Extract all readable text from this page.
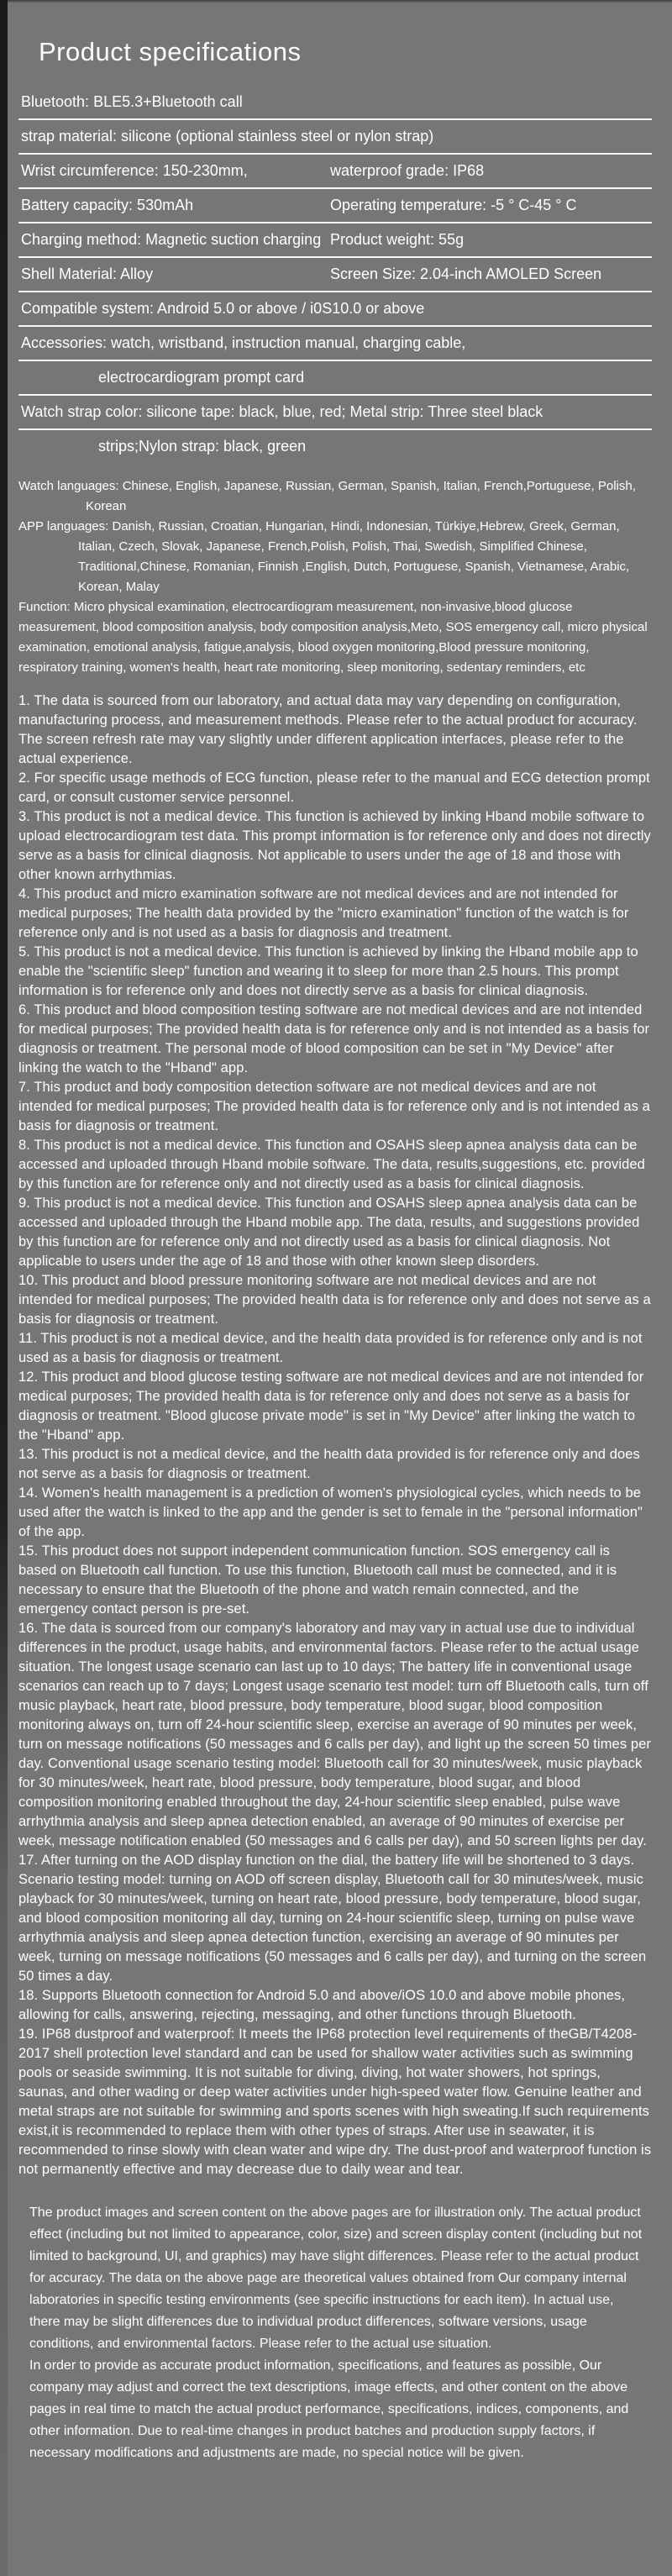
Product specifications
Bluetooth: BLE5.3+Bluetooth call
strap material: silicone (optional stainless steel or nylon strap)
Wrist circumference: 150-230mm,	waterproof grade: IP68
Battery capacity: 530mAh	Operating temperature: -5 ° C-45 ° C
Charging method: Magnetic suction charging Product weight: 55g
Shell Material: Alloy	Screen Size: 2.04-inch AMOLED Screen
Compatible system: Android 5.0 or above / i0S10.0 or above
Accessories: watch, wristband, instruction manual, charging cable,
electrocardiogram prompt card
Watch strap color: silicone tape: black, blue, red; Metal strip: Three steel black
strips;Nylon strap: black, green

Watch languages: Chinese, English, Japanese, Russian, German, Spanish, Italian, French,Portuguese, Polish, Korean

APP languages: Danish, Russian, Croatian, Hungarian, Hindi, Indonesian, Türkiye,Hebrew, Greek, German, Italian, Czech, Slovak, Japanese, French,Polish, Polish, Thai, Swedish, Simplified Chinese, Traditional,Chinese, Romanian, Finnish ,English, Dutch, Portuguese, Spanish, Vietnamese, Arabic, Korean, Malay

Function: Micro physical examination, electrocardiogram measurement, non-invasive,blood glucose measurement, blood composition analysis, body composition analysis,Meto, SOS emergency call, micro physical examination, emotional analysis, fatigue,analysis, blood oxygen monitoring,Blood pressure monitoring, respiratory training, women's health, heart rate monitoring, sleep monitoring, sedentary reminders, etc

1. The data is sourced from our laboratory, and actual data may vary depending on configuration, manufacturing process, and measurement methods. Please refer to the actual product for accuracy. The screen refresh rate may vary slightly under different application interfaces, please refer to the actual experience.

2. For specific usage methods of ECG function, please refer to the manual and ECG detection prompt card, or consult customer service personnel.

3. This product is not a medical device. This function is achieved by linking Hband mobile software to upload electrocardiogram test data. This prompt information is for reference only and does not directly serve as a basis for clinical diagnosis. Not applicable to users under the age of 18 and those with other known arrhythmias.

4. This product and micro examination software are not medical devices and are not intended for medical purposes; The health data provided by the "micro examination" function of the watch is for reference only and is not used as a basis for diagnosis and treatment.

5. This product is not a medical device. This function is achieved by linking the Hband mobile app to enable the "scientific sleep" function and wearing it to sleep for more than 2.5 hours. This prompt information is for reference only and does not directly serve as a basis for clinical diagnosis.

6. This product and blood composition testing software are not medical devices and are not intended for medical purposes; The provided health data is for reference only and is not intended as a basis for diagnosis or treatment. The personal mode of blood composition can be set in "My Device" after linking the watch to the "Hband" app.

7. This product and body composition detection software are not medical devices and are not intended for medical purposes; The provided health data is for reference only and is not intended as a basis for diagnosis or treatment.

8. This product is not a medical device. This function and OSAHS sleep apnea analysis data can be accessed and uploaded through Hband mobile software. The data, results,suggestions, etc. provided by this function are for reference only and not directly used as a basis for clinical diagnosis.

9. This product is not a medical device. This function and OSAHS sleep apnea analysis data can be accessed and uploaded through the Hband mobile app. The data, results, and suggestions provided by this function are for reference only and not directly used as a basis for clinical diagnosis. Not applicable to users under the age of 18 and those with other known sleep disorders.

10. This product and blood pressure monitoring software are not medical devices and are not intended for medical purposes; The provided health data is for reference only and does not serve as a basis for diagnosis or treatment.

11. This product is not a medical device, and the health data provided is for reference only and is not used as a basis for diagnosis or treatment.

12. This product and blood glucose testing software are not medical devices and are not intended for medical purposes; The provided health data is for reference only and does not serve as a basis for diagnosis or treatment. "Blood glucose private mode" is set in "My Device" after linking the watch to the "Hband" app.

13. This product is not a medical device, and the health data provided is for reference only and does not serve as a basis for diagnosis or treatment.

14. Women's health management is a prediction of women's physiological cycles, which needs to be used after the watch is linked to the app and the gender is set to female in the "personal information" of the app.

15. This product does not support independent communication function. SOS emergency call is based on Bluetooth call function. To use this function, Bluetooth call must be connected, and it is necessary to ensure that the Bluetooth of the phone and watch remain connected, and the emergency contact person is pre-set.

16. The data is sourced from our company's laboratory and may vary in actual use due to individual differences in the product, usage habits, and environmental factors. Please refer to the actual usage situation. The longest usage scenario can last up to 10 days; The battery life in conventional usage scenarios can reach up to 7 days; Longest usage scenario test model: turn off Bluetooth calls, turn off music playback, heart rate, blood pressure, body temperature, blood sugar, blood composition monitoring always on, turn off 24-hour scientific sleep, exercise an average of 90 minutes per week, turn on message notifications (50 messages and 6 calls per day), and light up the screen 50 times per day. Conventional usage scenario testing model: Bluetooth call for 30 minutes/week, music playback for 30 minutes/week, heart rate, blood pressure, body temperature, blood sugar, and blood composition monitoring enabled throughout the day, 24-hour scientific sleep enabled, pulse wave arrhythmia analysis and sleep apnea detection enabled, an average of 90 minutes of exercise per week, message notification enabled (50 messages and 6 calls per day), and 50 screen lights per day.

17. After turning on the AOD display function on the dial, the battery life will be shortened to 3 days. Scenario testing model: turning on AOD off screen display, Bluetooth call for 30 minutes/week, music playback for 30 minutes/week, turning on heart rate, blood pressure, body temperature, blood sugar, and blood composition monitoring all day, turning on 24-hour scientific sleep, turning on pulse wave arrhythmia analysis and sleep apnea detection function, exercising an average of 90 minutes per week, turning on message notifications (50 messages and 6 calls per day), and turning on the screen 50 times a day.

18. Supports Bluetooth connection for Android 5.0 and above/iOS 10.0 and above mobile phones, allowing for calls, answering, rejecting, messaging, and other functions through Bluetooth.

19. IP68 dustproof and waterproof: It meets the IP68 protection level requirements of theGB/T4208-2017 shell protection level standard and can be used for shallow water activities such as swimming pools or seaside swimming. It is not suitable for diving, diving, hot water showers, hot springs, saunas, and other wading or deep water activities under high-speed water flow. Genuine leather and metal straps are not suitable for swimming and sports scenes with high sweating.If such requirements exist,it is recommended to replace them with other types of straps. After use in seawater, it is recommended to rinse slowly with clean water and wipe dry. The dust-proof and waterproof function is not permanently effective and may decrease due to daily wear and tear.

The product images and screen content on the above pages are for illustration only. The actual product effect (including but not limited to appearance, color, size) and screen display content (including but not limited to background, UI, and graphics) may have slight differences. Please refer to the actual product for accuracy. The data on the above page are theoretical values obtained from Our company internal laboratories in specific testing environments (see specific instructions for each item). In actual use, there may be slight differences due to individual product differences, software versions, usage conditions, and environmental factors. Please refer to the actual use situation.

In order to provide as accurate product information, specifications, and features as possible, Our company may adjust and correct the text descriptions, image effects, and other content on the above pages in real time to match the actual product performance, specifications, indices, components, and other information. Due to real-time changes in product batches and production supply factors, if necessary modifications and adjustments are made, no special notice will be given.
